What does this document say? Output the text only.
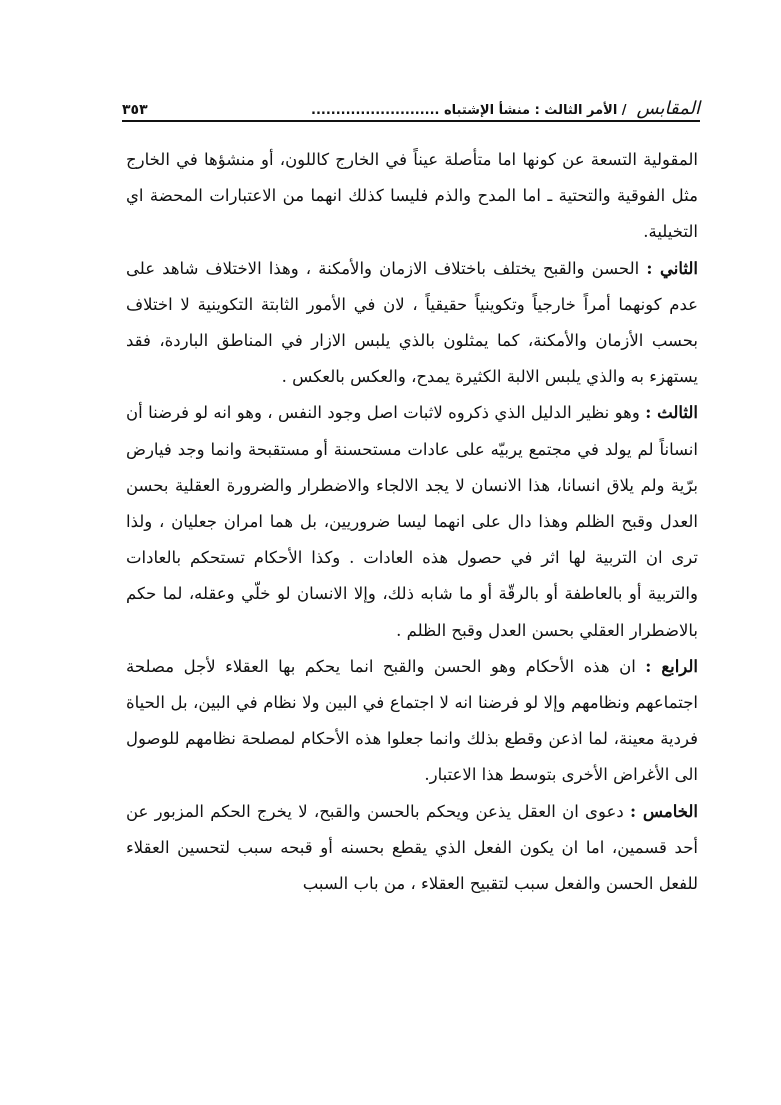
المقابس
/ الأمر الثالث : منشأ الإشتباه ..........................
٣٥٣

المقولية التسعة عن كونها اما متأصلة عيناً في الخارج كاللون، أو منشؤها في الخارج مثل الفوقية والتحتية ـ اما المدح والذم فليسا كذلك انهما من الاعتبارات المحضة اي التخيلية.

الثاني : الحسن والقبح يختلف باختلاف الازمان والأمكنة ، وهذا الاختلاف شاهد على عدم كونهما أمراً خارجياً وتكوينياً حقيقياً ، لان في الأمور الثابتة التكوينية لا اختلاف بحسب الأزمان والأمكنة، كما يمثلون بالذي يلبس الازار في المناطق الباردة، فقد يستهزء به والذي يلبس الالبة الكثيرة يمدح، والعكس بالعكس .

الثالث : وهو نظير الدليل الذي ذكروه لاثبات اصل وجود النفس ، وهو انه لو فرضنا أن انساناً لم يولد في مجتمع يربيّه على عادات مستحسنة أو مستقبحة وانما وجد فيارض برّية ولم يلاق انسانا، هذا الانسان لا يجد الالجاء والاضطرار والضرورة العقلية بحسن العدل وقبح الظلم وهذا دال على انهما ليسا ضروريين، بل هما امران جعليان ، ولذا ترى ان التربية لها اثر في حصول هذه العادات . وكذا الأحكام تستحكم بالعادات والتربية أو بالعاطفة أو بالرقّة أو ما شابه ذلك، وإلا الانسان لو خلّي وعقله، لما حكم بالاضطرار العقلي بحسن العدل وقبح الظلم .

الرابع : ان هذه الأحكام وهو الحسن والقبح انما يحكم بها العقلاء لأجل مصلحة اجتماعهم ونظامهم وإلا لو فرضنا انه لا اجتماع في البين ولا نظام في البين، بل الحياة فردية معينة، لما اذعن وقطع بذلك وانما جعلوا هذه الأحكام لمصلحة نظامهم للوصول الى الأغراض الأخرى بتوسط هذا الاعتبار.

الخامس : دعوى ان العقل يذعن ويحكم بالحسن والقبح، لا يخرج الحكم المزبور عن أحد قسمين، اما ان يكون الفعل الذي يقطع بحسنه أو قبحه سبب لتحسين العقلاء للفعل الحسن والفعل سبب لتقبيح العقلاء ، من باب السبب
